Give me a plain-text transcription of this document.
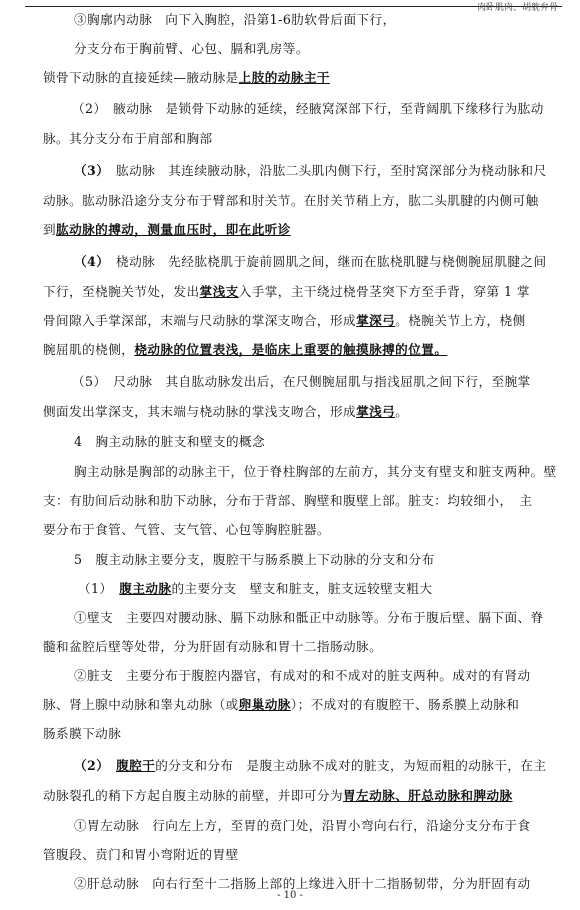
肉卧肌肉、胡躭弁骨
③胸廓内动脉　向下入胸腔，沿第1-6肋软骨后面下行，
分支分布于胸前臂、心包、膈和乳房等。
锁骨下动脉的直接延续—腋动脉是上肢的动脉主干
（2）　腋动脉　是锁骨下动脉的延续，经腋窝深部下行，至背阔肌下缘移行为肱动
脉。其分支分布于肩部和胸部
（3）　肱动脉　其连续腋动脉，沿肱二头肌内侧下行，至肘窝深部分为桡动脉和尺
动脉。肱动脉沿途分支分布于臂部和肘关节。在肘关节稍上方，肱二头肌腱的内侧可触
到肱动脉的搏动，测量血压时，即在此听诊
（4）　桡动脉　先经肱桡肌于旋前圆肌之间，继而在肱桡肌腱与桡侧腕屈肌腱之间
下行，至桡腕关节处，发出掌浅支入手掌，主干绕过桡骨茎突下方至手背，穿第 1 掌
骨间隙入手掌深部，末端与尺动脉的掌深支吻合，形成掌深弓。桡腕关节上方，桡侧
腕屈肌的桡侧，桡动脉的位置表浅，是临床上重要的触摸脉搏的位置。
（5）　尺动脉　其自肱动脉发出后，在尺侧腕屈肌与指浅屈肌之间下行，至腕掌
侧面发出掌深支，其末端与桡动脉的掌浅支吻合，形成掌浅弓。
4　胸主动脉的脏支和壁支的概念
胸主动脉是胸部的动脉主干，位于脊柱胸部的左前方，其分支有壁支和脏支两种。壁
支：有肋间后动脉和肋下动脉，分布于背部、胸壁和腹壁上部。脏支：均较细小，　主
要分布于食管、气管、支气管、心包等胸腔脏器。
5　腹主动脉主要分支，腹腔干与肠系膜上下动脉的分支和分布
（1）　腹主动脉的主要分支　壁支和脏支，脏支远较壁支粗大
①壁支　主要四对腰动脉、膈下动脉和骶正中动脉等。分布于腹后壁、膈下面、脊
髓和盆腔后壁等处带，分为肝固有动脉和胃十二指肠动脉。
②脏支　主要分布于腹腔内器官，有成对的和不成对的脏支两种。成对的有肾动
脉、肾上腺中动脉和睾丸动脉（或卵巢动脉）；不成对的有腹腔干、肠系膜上动脉和
肠系膜下动脉
（2）　 腹腔干的分支和分布　是腹主动脉不成对的脏支，为短而粗的动脉干，在主
动脉裂孔的稍下方起自腹主动脉的前壁，并即可分为胃左动脉、肝总动脉和脾动脉
①胃左动脉　行向左上方，至胃的贲门处，沿胃小弯向右行，沿途分支分布于食
管腹段、贲门和胃小弯附近的胃壁
②肝总动脉　向右行至十二指肠上部的上缘进入肝十二指肠韧带，分为肝固有动
- 10 -
